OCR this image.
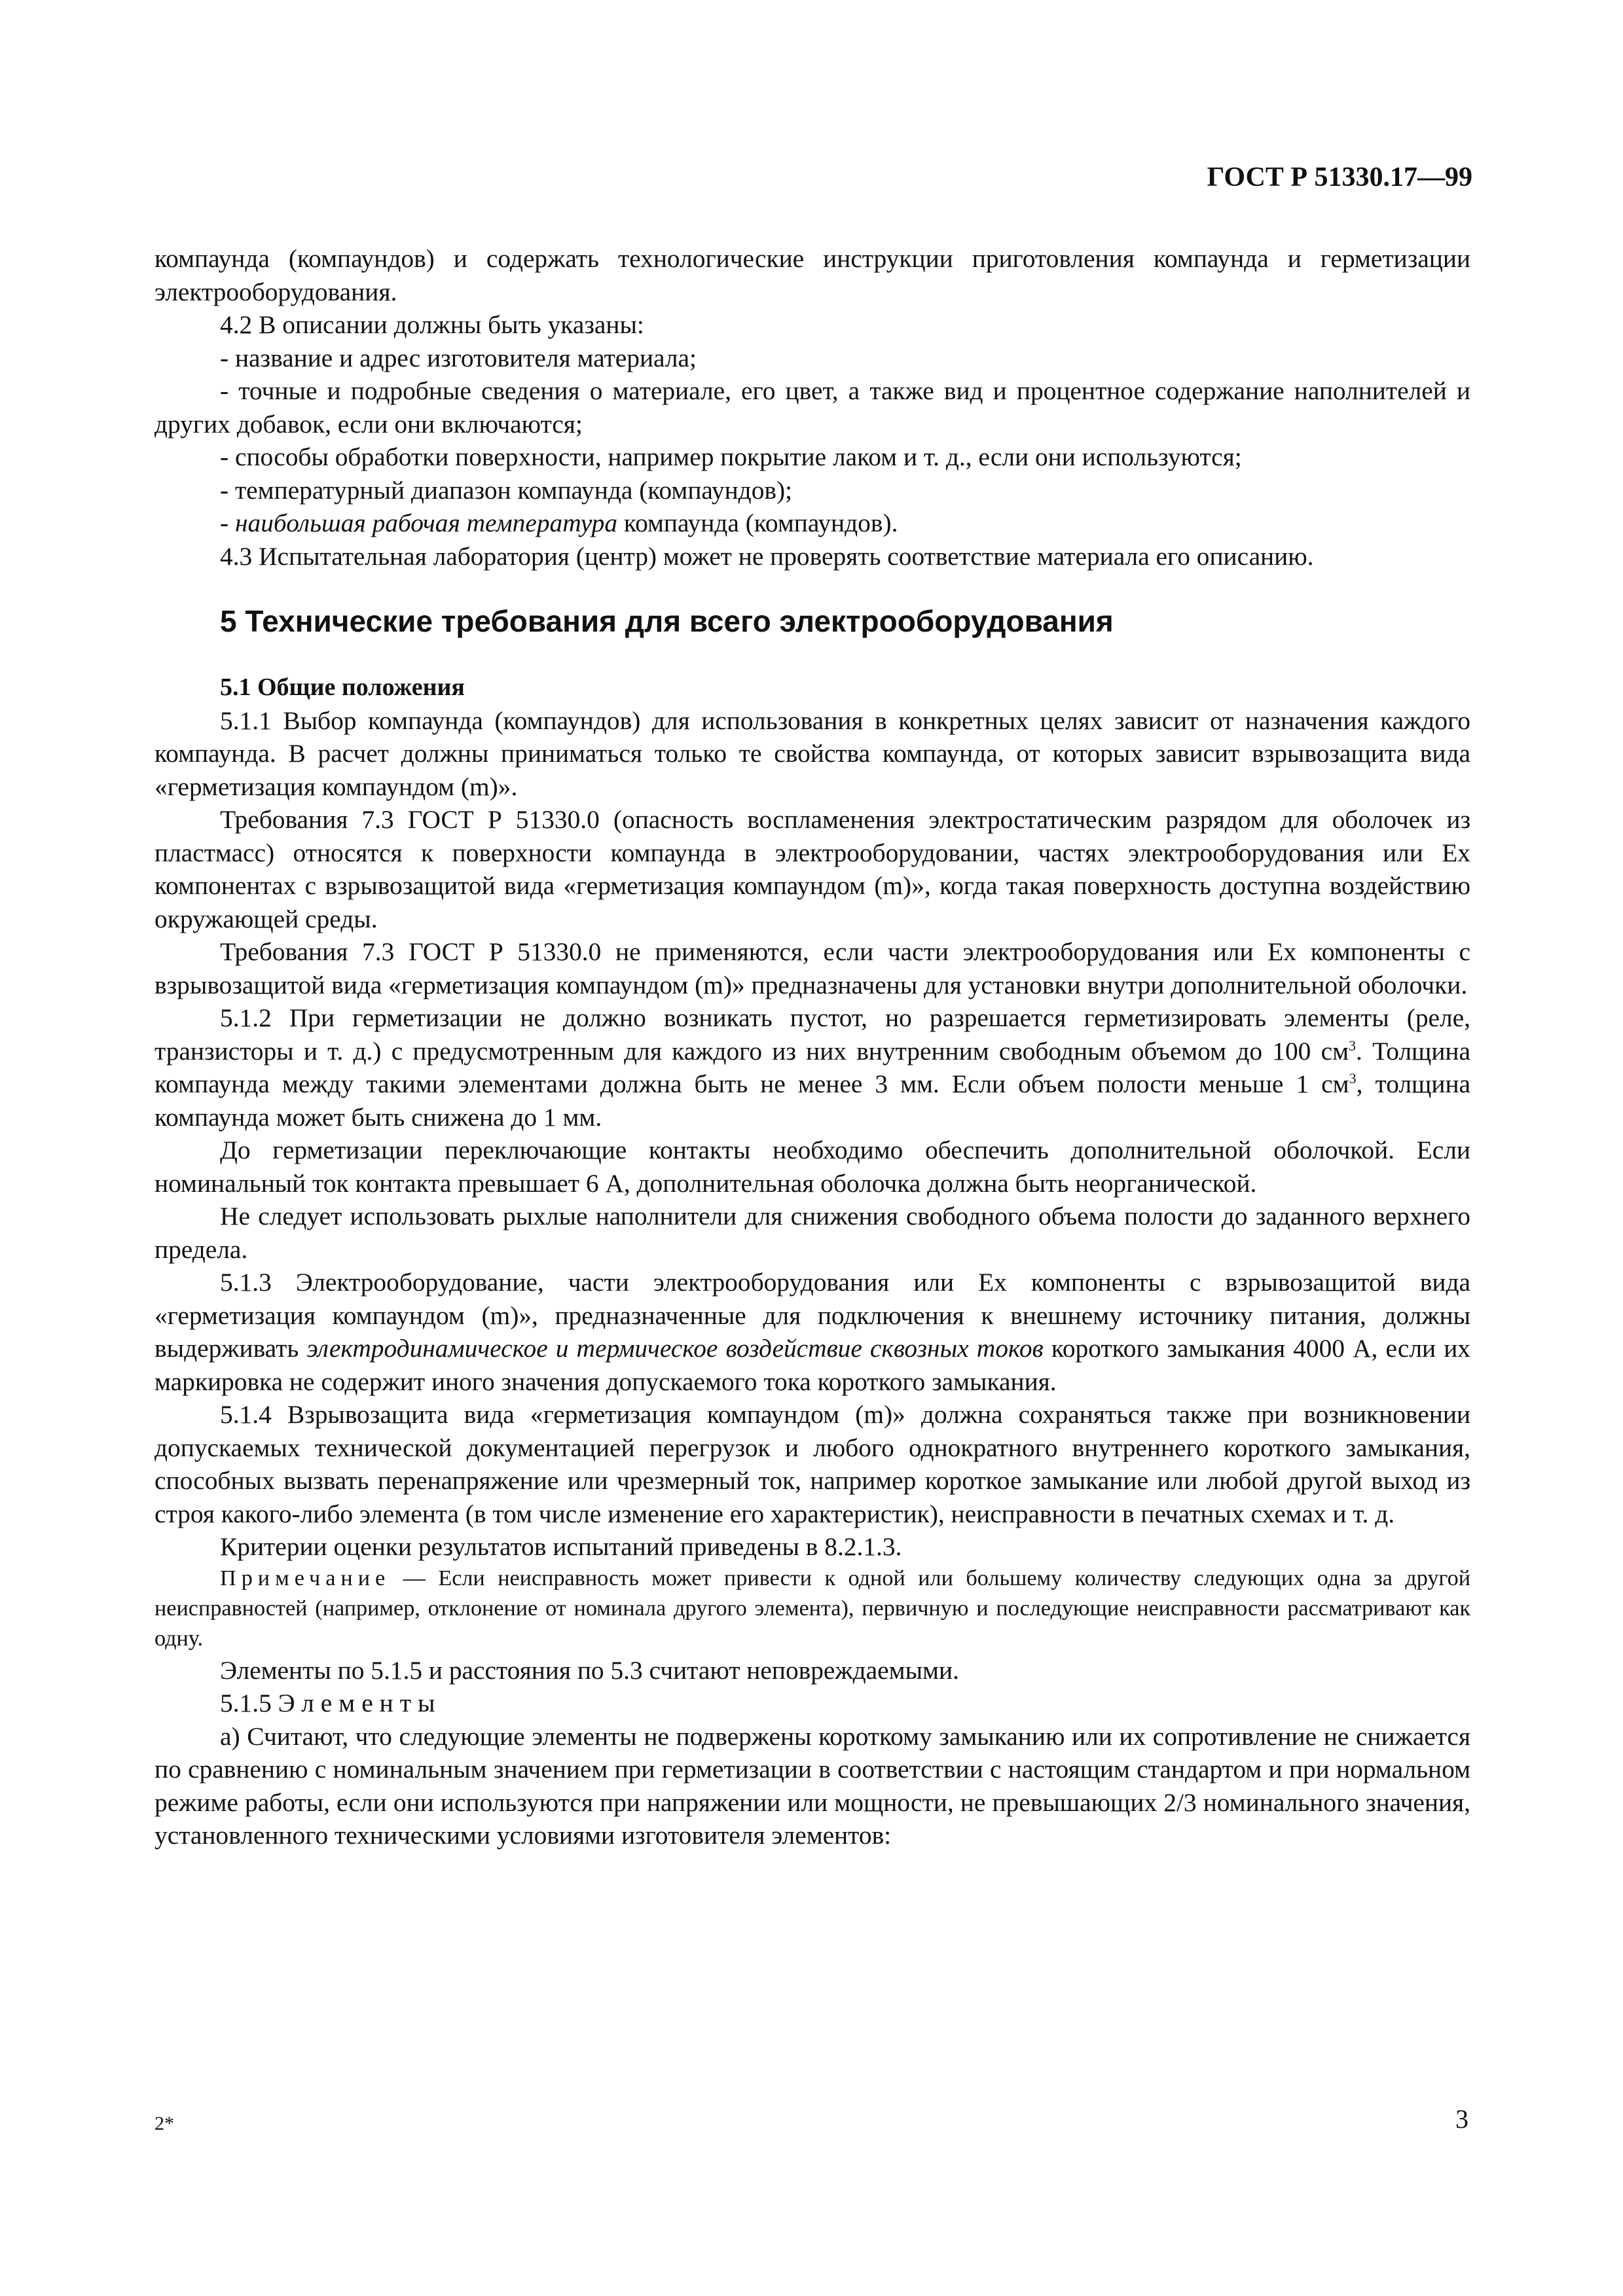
ГОСТ Р 51330.17—99

компаунда (компаундов) и содержать технологические инструкции приготовления компаунда и герметизации электрооборудования.

4.2 В описании должны быть указаны:

- название и адрес изготовителя материала;

- точные и подробные сведения о материале, его цвет, а также вид и процентное содержание наполнителей и других добавок, если они включаются;

- способы обработки поверхности, например покрытие лаком и т. д., если они используются;

- температурный диапазон компаунда (компаундов);

- наибольшая рабочая температура компаунда (компаундов).

4.3 Испытательная лаборатория (центр) может не проверять соответствие материала его описанию.

5 Технические требования для всего электрооборудования

5.1 Общие положения

5.1.1 Выбор компаунда (компаундов) для использования в конкретных целях зависит от назначения каждого компаунда. В расчет должны приниматься только те свойства компаунда, от которых зависит взрывозащита вида «герметизация компаундом (m)».

Требования 7.3 ГОСТ Р 51330.0 (опасность воспламенения электростатическим разрядом для оболочек из пластмасс) относятся к поверхности компаунда в электрооборудовании, частях электрооборудования или Ex компонентах с взрывозащитой вида «герметизация компаундом (m)», когда такая поверхность доступна воздействию окружающей среды.

Требования 7.3 ГОСТ Р 51330.0 не применяются, если части электрооборудования или Ex компоненты с взрывозащитой вида «герметизация компаундом (m)» предназначены для установки внутри дополнительной оболочки.

5.1.2 При герметизации не должно возникать пустот, но разрешается герметизировать элементы (реле, транзисторы и т. д.) с предусмотренным для каждого из них внутренним свободным объемом до 100 $см^3$. Толщина компаунда между такими элементами должна быть не менее 3 мм. Если объем полости меньше 1 $см^3$, толщина компаунда может быть снижена до 1 мм.

До герметизации переключающие контакты необходимо обеспечить дополнительной оболочкой. Если номинальный ток контакта превышает 6 А, дополнительная оболочка должна быть неорганической.

Не следует использовать рыхлые наполнители для снижения свободного объема полости до заданного верхнего предела.

5.1.3 Электрооборудование, части электрооборудования или Ex компоненты с взрывозащитой вида «герметизация компаундом (m)», предназначенные для подключения к внешнему источнику питания, должны выдерживать электродинамическое и термическое воздействие сквозных токов короткого замыкания 4000 А, если их маркировка не содержит иного значения допускаемого тока короткого замыкания.

5.1.4 Взрывозащита вида «герметизация компаундом (m)» должна сохраняться также при возникновении допускаемых технической документацией перегрузок и любого однократного внутреннего короткого замыкания, способных вызвать перенапряжение или чрезмерный ток, например короткое замыкание или любой другой выход из строя какого-либо элемента (в том числе изменение его характеристик), неисправности в печатных схемах и т. д.

Критерии оценки результатов испытаний приведены в 8.2.1.3.

Примечание — Если неисправность может привести к одной или большему количеству следующих одна за другой неисправностей (например, отклонение от номинала другого элемента), первичную и последующие неисправности рассматривают как одну.

Элементы по 5.1.5 и расстояния по 5.3 считают неповреждаемыми.

5.1.5 Элементы

а) Считают, что следующие элементы не подвержены короткому замыканию или их сопротивление не снижается по сравнению с номинальным значением при герметизации в соответствии с настоящим стандартом и при нормальном режиме работы, если они используются при напряжении или мощности, не превышающих 2/3 номинального значения, установленного техническими условиями изготовителя элементов:

2*	3
